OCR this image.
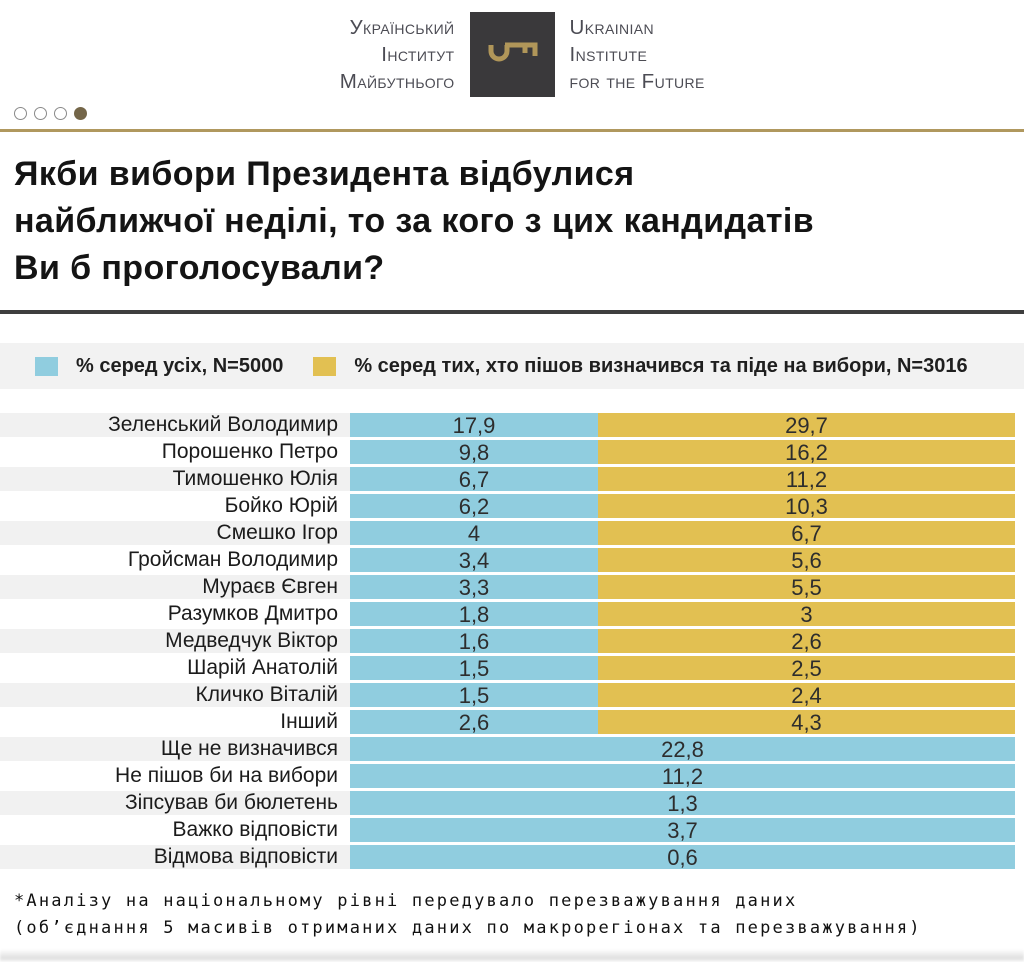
Український
Інститут
Майбутнього
Ukrainian
Institute
for the Future
Якби вибори Президента відбулися
найближчої неділі, то за кого з цих кандидатів
Ви б проголосували?
% серед усіх, N=5000	% серед тих, хто пішов визначився та піде на вибори, N=3016
Зеленський Володимир	17,9	29,7
Порошенко Петро	9,8	16,2
Тимошенко Юлія	6,7	11,2
Бойко Юрій	6,2	10,3
Смешко Ігор	4	6,7
Гройсман Володимир	3,4	5,6
Мураєв Євген	3,3	5,5
Разумков Дмитро	1,8	3
Медведчук Віктор	1,6	2,6
Шарій Анатолій	1,5	2,5
Кличко Віталій	1,5	2,4
Інший	2,6	4,3
Ще не визначився	22,8
Не пішов би на вибори	11,2
Зіпсував би бюлетень	1,3
Важко відповісти	3,7
Відмова відповісти	0,6
*Аналізу на національному рівні передувало перезважування даних
(об’єднання 5 масивів отриманих даних по макрорегіонах та перезважування)
